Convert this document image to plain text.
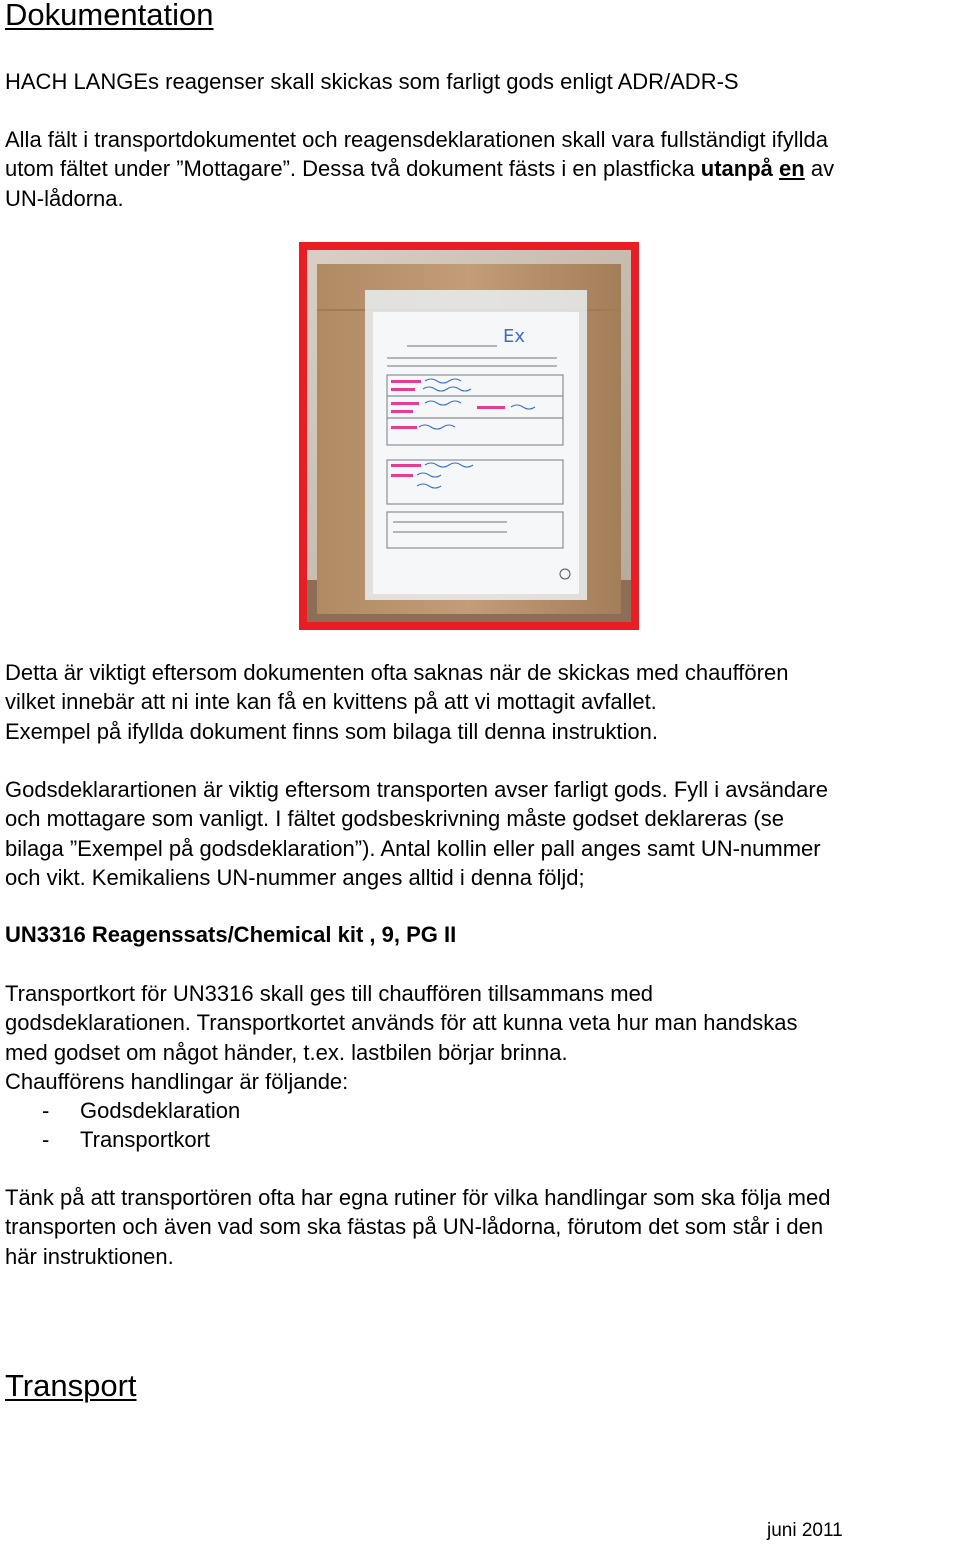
Dokumentation

HACH LANGEs reagenser skall skickas som farligt gods enligt ADR/ADR-S

Alla fält i transportdokumentet och reagensdeklarationen skall vara fullständigt ifyllda
utom fältet under ”Mottagare”. Dessa två dokument fästs i en plastficka utanpå en av
UN-lådorna.
Ex
Detta är viktigt eftersom dokumenten ofta saknas när de skickas med chauffören
vilket innebär att ni inte kan få en kvittens på att vi mottagit avfallet.
Exempel på ifyllda dokument finns som bilaga till denna instruktion.
Godsdeklarartionen är viktig eftersom transporten avser farligt gods. Fyll i avsändare
och mottagare som vanligt. I fältet godsbeskrivning måste godset deklareras (se
bilaga ”Exempel på godsdeklaration”). Antal kollin eller pall anges samt UN-nummer
och vikt. Kemikaliens UN-nummer anges alltid i denna följd;

UN3316 Reagenssats/Chemical kit , 9, PG II

Transportkort för UN3316 skall ges till chauffören tillsammans med
godsdeklarationen. Transportkortet används för att kunna veta hur man handskas
med godset om något händer, t.ex. lastbilen börjar brinna.
Chaufförens handlingar är följande:
- Godsdeklaration
- Transportkort
Tänk på att transportören ofta har egna rutiner för vilka handlingar som ska följa med
transporten och även vad som ska fästas på UN-lådorna, förutom det som står i den
här instruktionen.
Transport
juni 2011
